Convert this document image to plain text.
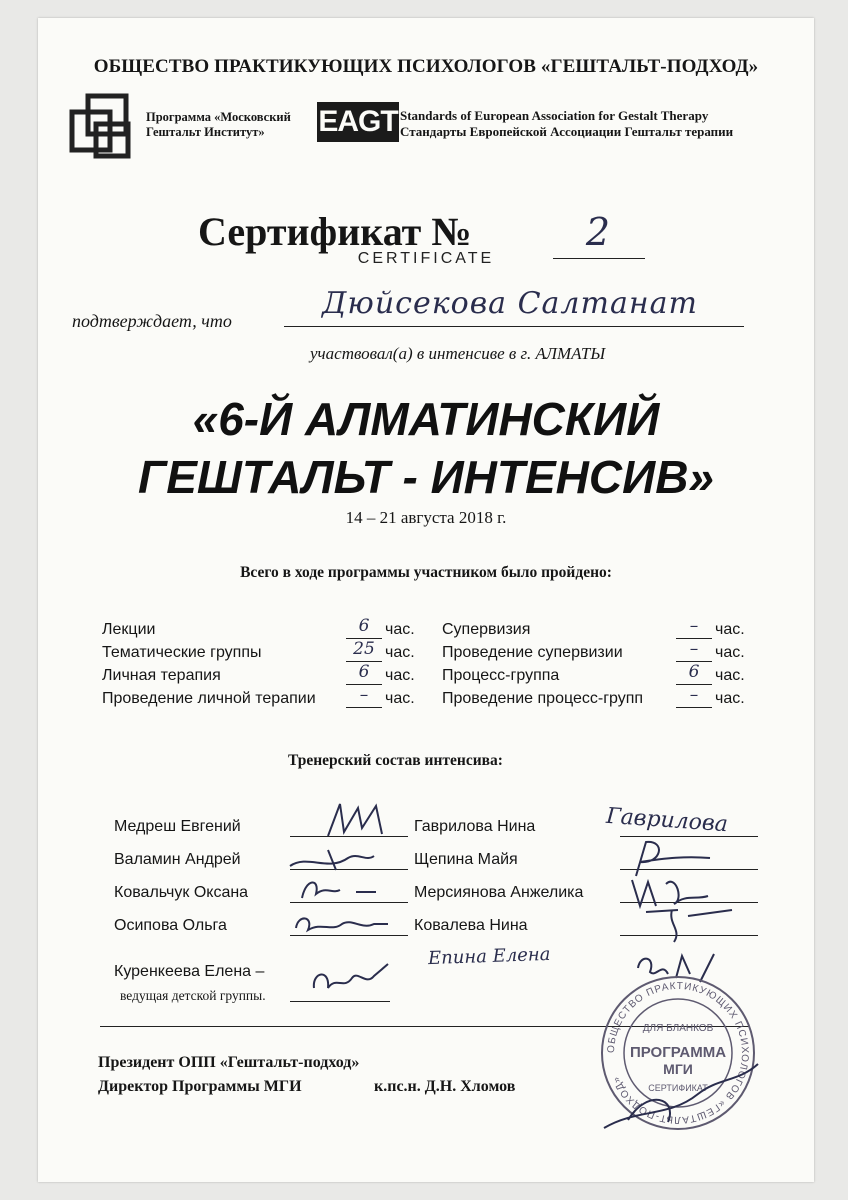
ОБЩЕСТВО ПРАКТИКУЮЩИХ ПСИХОЛОГОВ «ГЕШТАЛЬТ-ПОДХОД»
Программа «Московский
Гештальт Институт»	EAGT Standards of European Association for Gestalt Therapy
Стандарты Европейской Ассоциации Гештальт терапии
Сертификат №	2
CERTIFICATE
подтверждает, что	Дюйсекова Салтанат
участвовал(а) в интенсиве в г. АЛМАТЫ
«6-Й АЛМАТИНСКИЙ
ГЕШТАЛЬТ - ИНТЕНСИВ»
14 – 21 августа 2018 г.
Всего в ходе программы участником было пройдено:
Лекции	6 час.
Тематические группы	25 час.
Личная терапия	6 час.
Проведение личной терапии	–	час.
Супервизия	–	час.
Проведение супервизии	–	час.
Процесс-группа	6 час.
Проведение процесс-групп	–	час.
Тренерский состав интенсива:
Медреш Евгений
Валамин Андрей
Ковальчук Оксана
Осипова Ольга
Гаврилова Нина
Щепина Майя
Мерсиянова Анжелика
Ковалева Нина
Куренкеева Елена –
ведущая детской группы.
Епина Елена
Гаврилова
ОБЩЕСТВО ПРАКТИКУЮЩИХ ПСИХОЛОГОВ «ГЕШТАЛЬТ-ПОДХОД»
ДЛЯ БЛАНКОВ
ПРОГРАММА
МГИ
СЕРТИФИКАТ
Президент ОПП «Гештальт-подход»
Директор Программы МГИ	к.пс.н. Д.Н. Хломов
